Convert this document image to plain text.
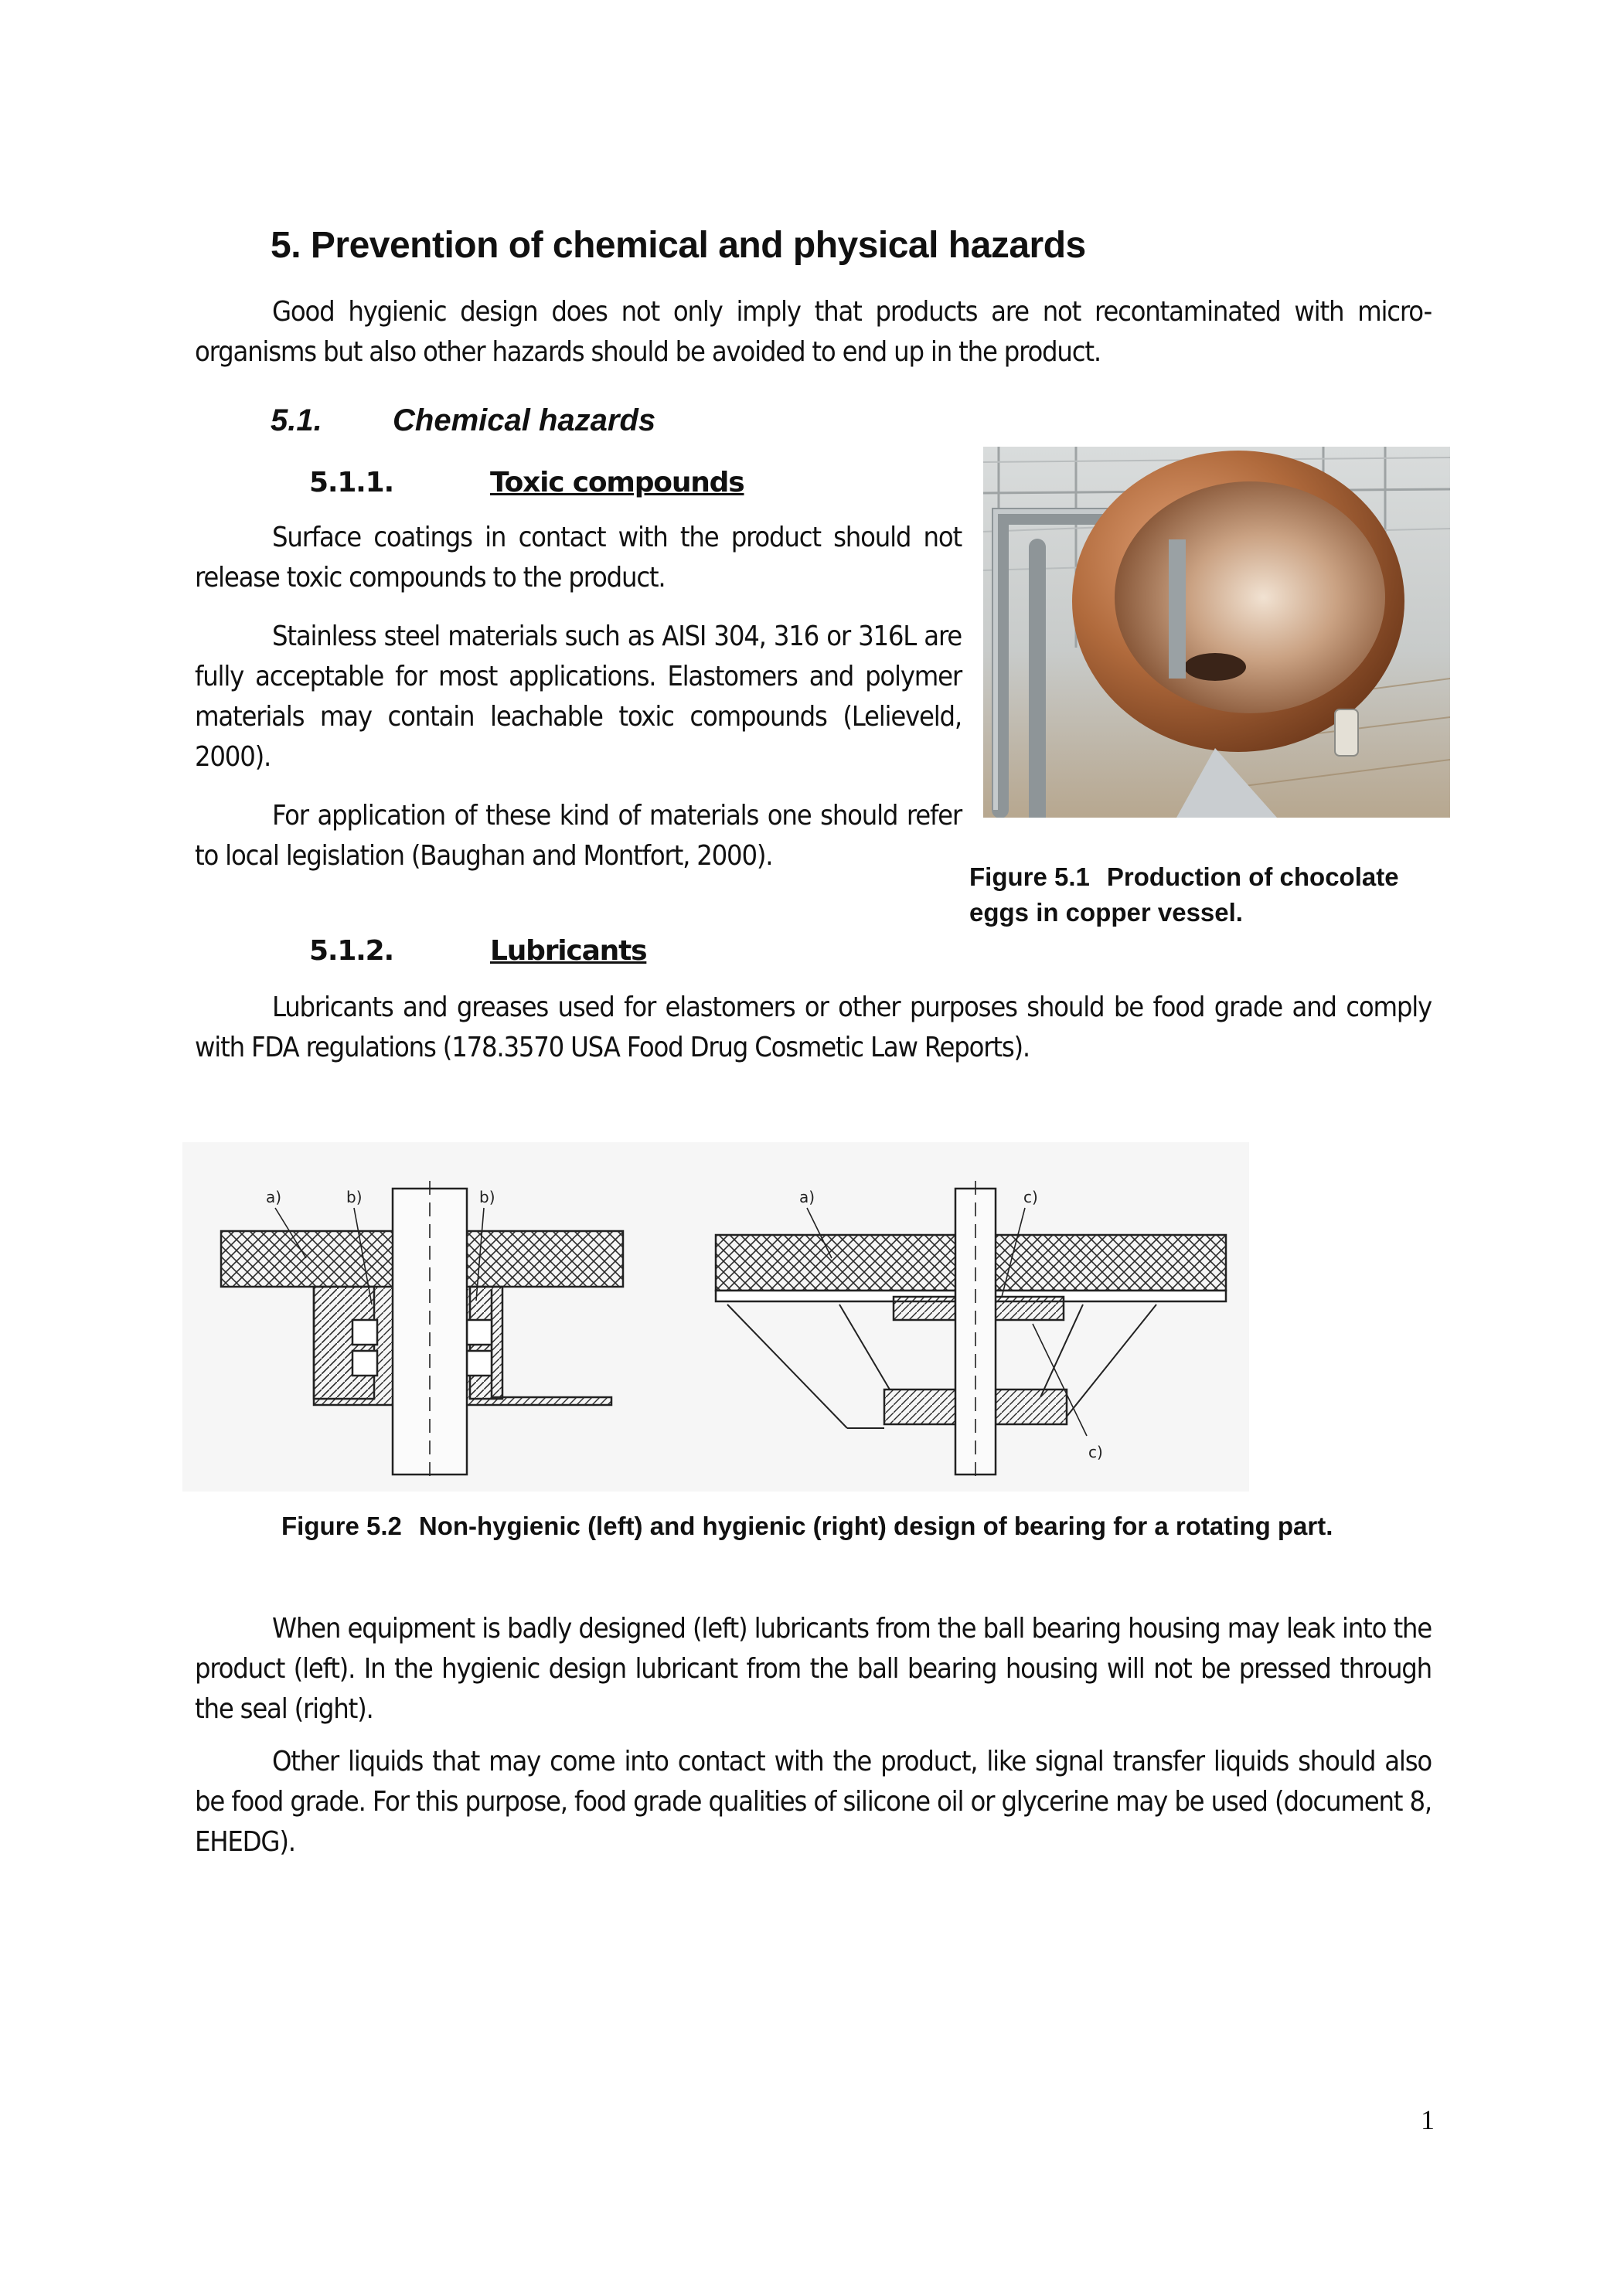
5. Prevention of chemical and physical hazards

Good hygienic design does not only imply that products are not recontaminated with micro-organisms but also other hazards should be avoided to end up in the product.

5.1. Chemical hazards
5.1.1.	Toxic compounds

Surface coatings in contact with the product should not release toxic compounds to the product.

Stainless steel materials such as AISI 304, 316 or 316L are fully acceptable for most applications. Elastomers and polymer materials may contain leachable toxic compounds (Lelieveld, 2000).

For application of these kind of materials one should refer to local legislation (Baughan and Montfort, 2000).

Figure 5.1 Production of chocolate eggs in copper vessel.

5.1.2.	Lubricants

Lubricants and greases used for elastomers or other purposes should be food grade and comply with FDA regulations (178.3570 USA Food Drug Cosmetic Law Reports).

a)	b)	b)	a)	c)
c)

Figure 5.2 Non-hygienic (left) and hygienic (right) design of bearing for a rotating part.

When equipment is badly designed (left) lubricants from the ball bearing housing may leak into the product (left). In the hygienic design lubricant from the ball bearing housing will not be pressed through the seal (right).

Other liquids that may come into contact with the product, like signal transfer liquids should also be food grade. For this purpose, food grade qualities of silicone oil or glycerine may be used (document 8, EHEDG).

1
